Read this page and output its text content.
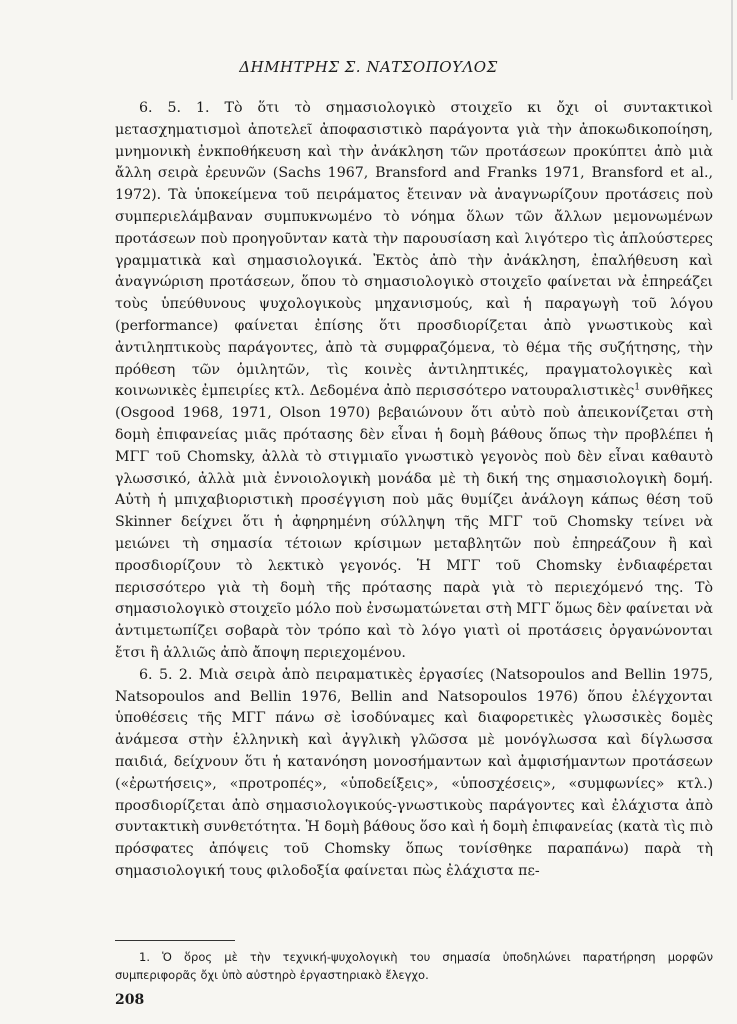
ΔΗΜΗΤΡΗΣ Σ. ΝΑΤΣΟΠΟΥΛΟΣ

6. 5. 1. Τὸ ὅτι τὸ σημασιολογικὸ στοιχεῖο κι ὄχι οἱ συντακτικοὶ μετασχηματισμοὶ ἀποτελεῖ ἀποφασιστικὸ παράγοντα γιὰ τὴν ἀποκωδικοποίηση, μνημονικὴ ἐνκποθήκευση καὶ τὴν ἀνάκληση τῶν προτάσεων προκύπτει ἀπὸ μιὰ ἄλλη σειρὰ ἐρευνῶν (Sachs 1967, Bransford and Franks 1971, Bransford et al., 1972). Τὰ ὑποκείμενα τοῦ πειράματος ἔτειναν νὰ ἀναγνωρίζουν προτάσεις ποὺ συμπεριελάμβαναν συμπυκνωμένο τὸ νόημα ὅλων τῶν ἄλλων μεμονωμένων προτάσεων ποὺ προηγοῦνταν κατὰ τὴν παρουσίαση καὶ λιγότερο τὶς ἁπλούστερες γραμματικὰ καὶ σημασιολογικά. Ἐκτὸς ἀπὸ τὴν ἀνάκληση, ἐπαλήθευση καὶ ἀναγνώριση προτάσεων, ὅπου τὸ σημασιολογικὸ στοιχεῖο φαίνεται νὰ ἐπηρεάζει τοὺς ὑπεύθυνους ψυχολογικοὺς μηχανισμούς, καὶ ἡ παραγωγὴ τοῦ λόγου (performance) φαίνεται ἐπίσης ὅτι προσδιορίζεται ἀπὸ γνωστικοὺς καὶ ἀντιληπτικοὺς παράγοντες, ἀπὸ τὰ συμφραζόμενα, τὸ θέμα τῆς συζήτησης, τὴν πρόθεση τῶν ὁμιλητῶν, τὶς κοινὲς ἀντιληπτικές, πραγματολογικὲς καὶ κοινωνικὲς ἐμπειρίες κτλ. Δεδομένα ἀπὸ περισσότερο νατουραλιστικὲς$^1$ συνθῆκες (Osgood 1968, 1971, Olson 1970) βεβαιώνουν ὅτι αὐτὸ ποὺ ἀπεικονίζεται στὴ δομὴ ἐπιφανείας μιᾶς πρότασης δὲν εἶναι ἡ δομὴ βάθους ὅπως τὴν προβλέπει ἡ ΜΓΓ τοῦ Chomsky, ἀλλὰ τὸ στιγμιαῖο γνωστικὸ γεγονὸς ποὺ δὲν εἶναι καθαυτὸ γλωσσικό, ἀλλὰ μιὰ ἐννοιολογικὴ μονάδα μὲ τὴ δική της σημασιολογικὴ δομή. Αὐτὴ ἡ μπιχαβιοριστικὴ προσέγγιση ποὺ μᾶς θυμίζει ἀνάλογη κάπως θέση τοῦ Skinner δείχνει ὅτι ἡ ἀφηρημένη σύλληψη τῆς ΜΓΓ τοῦ Chomsky τείνει νὰ μειώνει τὴ σημασία τέτοιων κρίσιμων μεταβλητῶν ποὺ ἐπηρεάζουν ἢ καὶ προσδιορίζουν τὸ λεκτικὸ γεγονός. Ἡ ΜΓΓ τοῦ Chomsky ἐνδιαφέρεται περισσότερο γιὰ τὴ δομὴ τῆς πρότασης παρὰ γιὰ τὸ περιεχόμενό της. Τὸ σημασιολογικὸ στοιχεῖο μόλο ποὺ ἐνσωματώνεται στὴ ΜΓΓ ὅμως δὲν φαίνεται νὰ ἀντιμετωπίζει σοβαρὰ τὸν τρόπο καὶ τὸ λόγο γιατὶ οἱ προτάσεις ὀργανώνονται ἔτσι ἢ ἀλλιῶς ἀπὸ ἄποψη περιεχομένου.

6. 5. 2. Μιὰ σειρὰ ἀπὸ πειραματικὲς ἐργασίες (Natsopoulos and Bellin 1975, Natsopoulos and Bellin 1976, Bellin and Natsopoulos 1976) ὅπου ἐλέγχονται ὑποθέσεις τῆς ΜΓΓ πάνω σὲ ἰσοδύναμες καὶ διαφορετικὲς γλωσσικὲς δομὲς ἀνάμεσα στὴν ἑλληνικὴ καὶ ἀγγλικὴ γλῶσσα μὲ μονόγλωσσα καὶ δίγλωσσα παιδιά, δείχνουν ὅτι ἡ κατανόηση μονοσήμαντων καὶ ἀμφισήμαντων προτάσεων («ἐρωτήσεις», «προτροπές», «ὑποδείξεις», «ὑποσχέσεις», «συμφωνίες» κτλ.) προσδιορίζεται ἀπὸ σημασιολογικούς-γνωστικοὺς παράγοντες καὶ ἐλάχιστα ἀπὸ συντακτικὴ συνθετότητα. Ἡ δομὴ βάθους ὅσο καὶ ἡ δομὴ ἐπιφανείας (κατὰ τὶς πιὸ πρόσφατες ἀπόψεις τοῦ Chomsky ὅπως τονίσθηκε παραπάνω) παρὰ τὴ σημασιολογική τους φιλοδοξία φαίνεται πὼς ἐλάχιστα πε-

1. Ὁ ὅρος μὲ τὴν τεχνική-ψυχολογικὴ του σημασία ὑποδηλώνει παρατήρηση μορφῶν συμπεριφορᾶς ὄχι ὑπὸ αὐστηρὸ ἐργαστηριακὸ ἔλεγχο.
208
